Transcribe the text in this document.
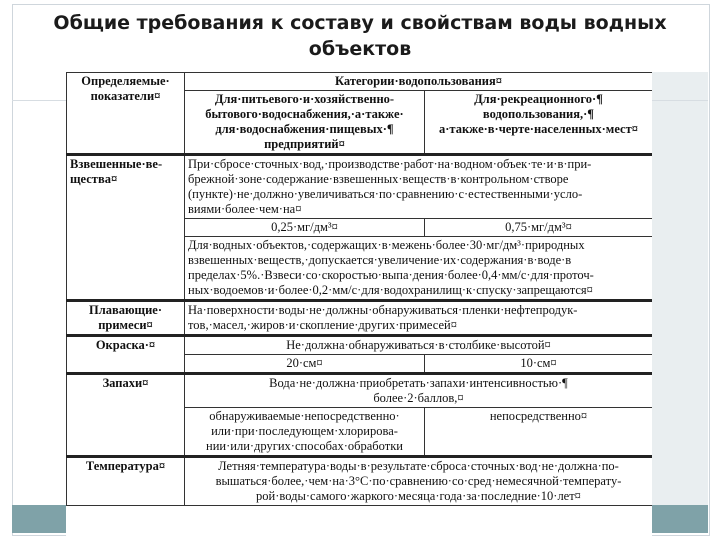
Общие требования к составу и свойствам воды водных объектов
Определяемые·
показатели¤	Категории·водопользования¤	

	Для·питьевого·и·хозяйственно-
бытового·водоснабжения,·а·также·
для·водоснабжения·пищевых·¶
предприятий¤	Для·рекреационного·¶
водопользования,·¶
а·также·в·черте·населенных·мест¤

Взвешенные·ве-
щества¤	При·сбросе·сточных·вод,·производстве·работ·на·водном·объек·те·и·в·при-
брежной·зоне·содержание·взвешенных·веществ·в·контрольном·створе
(пункте)·не·должно·увеличиваться·по·сравнению·с·естественными·усло-
виями·более·чем·на¤	

	0,25·мг/дм³¤	0,75·мг/дм³¤

	Для·водных·объектов,·содержащих·в·межень·более·30·мг/дм³·природных
взвешенных·веществ,·допускается·увеличение·их·содержания·в·воде·в
пределах·5%.·Взвеси·со·скоростью·выпа·дения·более·0,4·мм/с·для·проточ-
ных·водоемов·и·более·0,2·мм/с·для·водохранилищ·к·спуску·запрещаются¤	

Плавающие·
примеси¤	На·поверхности·воды·не·должны·обнаруживаться·пленки·нефтепродук-
тов,·масел,·жиров·и·скопление·других·примесей¤	

Окраска·¤	Не·должна·обнаруживаться·в·столбике·высотой¤	
	20·см¤	10·см¤
Запахи¤	Вода·не·должна·приобретать·запахи·интенсивностью·¶
более·2·баллов,¤	

	обнаруживаемые·непосредственно·
или·при·последующем·хлорирова-
нии·или·других·способах·обработки	непосредственно¤
Температура¤	Летняя·температура·воды·в·результате·сброса·сточных·вод·не·должна·по-
вышаться·более,·чем·на·3°С·по·сравнению·со·сред·немесячной·температу-
рой·воды·самого·жаркого·месяца·года·за·последние·10·лет¤	
